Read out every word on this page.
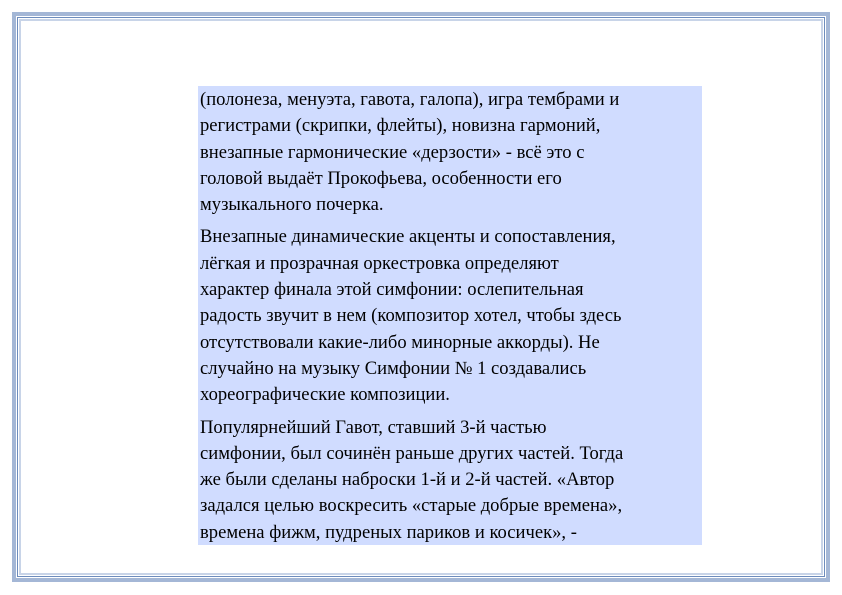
(полонеза, менуэта, гавота, галопа), игра тембрами и
регистрами (скрипки, флейты), новизна гармоний,
внезапные гармонические «дерзости» - всё это с
головой выдаёт Прокофьева, особенности его
музыкального почерка.

Внезапные динамические акценты и сопоставления,
лёгкая и прозрачная оркестровка определяют
характер финала этой симфонии: ослепительная
радость звучит в нем (композитор хотел, чтобы здесь
отсутствовали какие-либо минорные аккорды). Не
случайно на музыку Симфонии № 1 создавались
хореографические композиции.

Популярнейший Гавот, ставший 3-й частью
симфонии, был сочинён раньше других частей. Тогда
же были сделаны наброски 1-й и 2-й частей. «Автор
задался целью воскресить «старые добрые времена»,
времена фижм, пудреных париков и косичек», -
